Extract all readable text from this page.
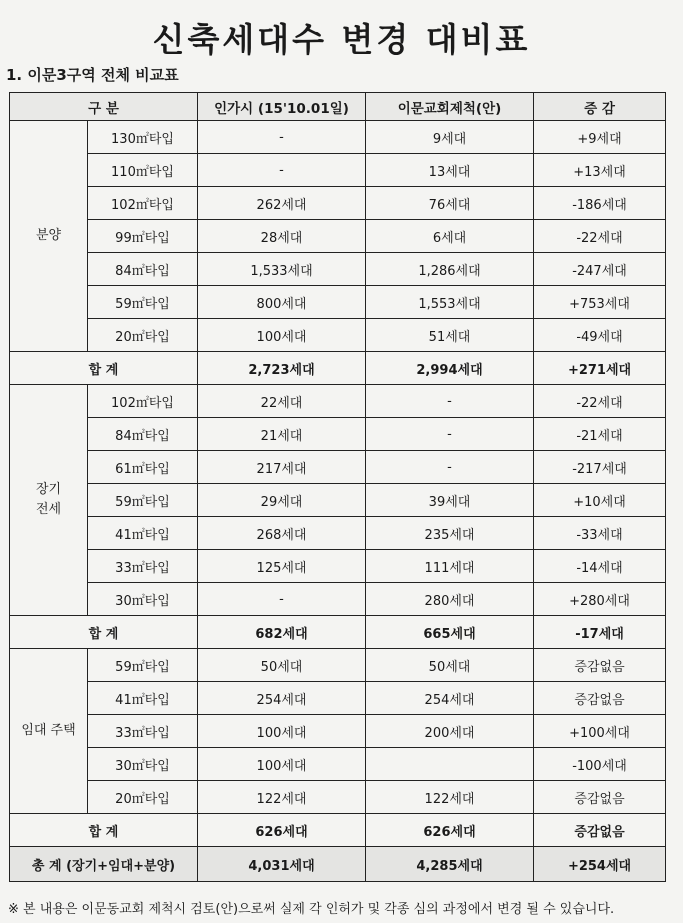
신축세대수 변경 대비표
1. 이문3구역 전체 비교표
구 분		인가시 (15'10.01일)	이문교회제척(안)	증 감
분양	130㎡타입	-	9세대	+9세대
	110㎡타입	-	13세대	+13세대
	102㎡타입	262세대	76세대	-186세대
	99㎡타입	28세대	6세대	-22세대
	84㎡타입	1,533세대	1,286세대	-247세대
	59㎡타입	800세대	1,553세대	+753세대
	20㎡타입	100세대	51세대	-49세대
합 계		2,723세대	2,994세대	+271세대
장기
전세	102㎡타입	22세대	-	-22세대
	84㎡타입	21세대	-	-21세대
	61㎡타입	217세대	-	-217세대
	59㎡타입	29세대	39세대	+10세대
	41㎡타입	268세대	235세대	-33세대
	33㎡타입	125세대	111세대	-14세대
	30㎡타입	-	280세대	+280세대
합 계		682세대	665세대	-17세대
임대 주택	59㎡타입	50세대	50세대	증감없음
	41㎡타입	254세대	254세대	증감없음
	33㎡타입	100세대	200세대	+100세대
	30㎡타입	100세대		-100세대
	20㎡타입	122세대	122세대	증감없음
합 계		626세대	626세대	증감없음
총 계 (장기+임대+분양)		4,031세대	4,285세대	+254세대
※ 본 내용은 이문동교회 제척시 검토(안)으로써 실제 각 인허가 및 각종 심의 과정에서 변경 될 수 있습니다.
